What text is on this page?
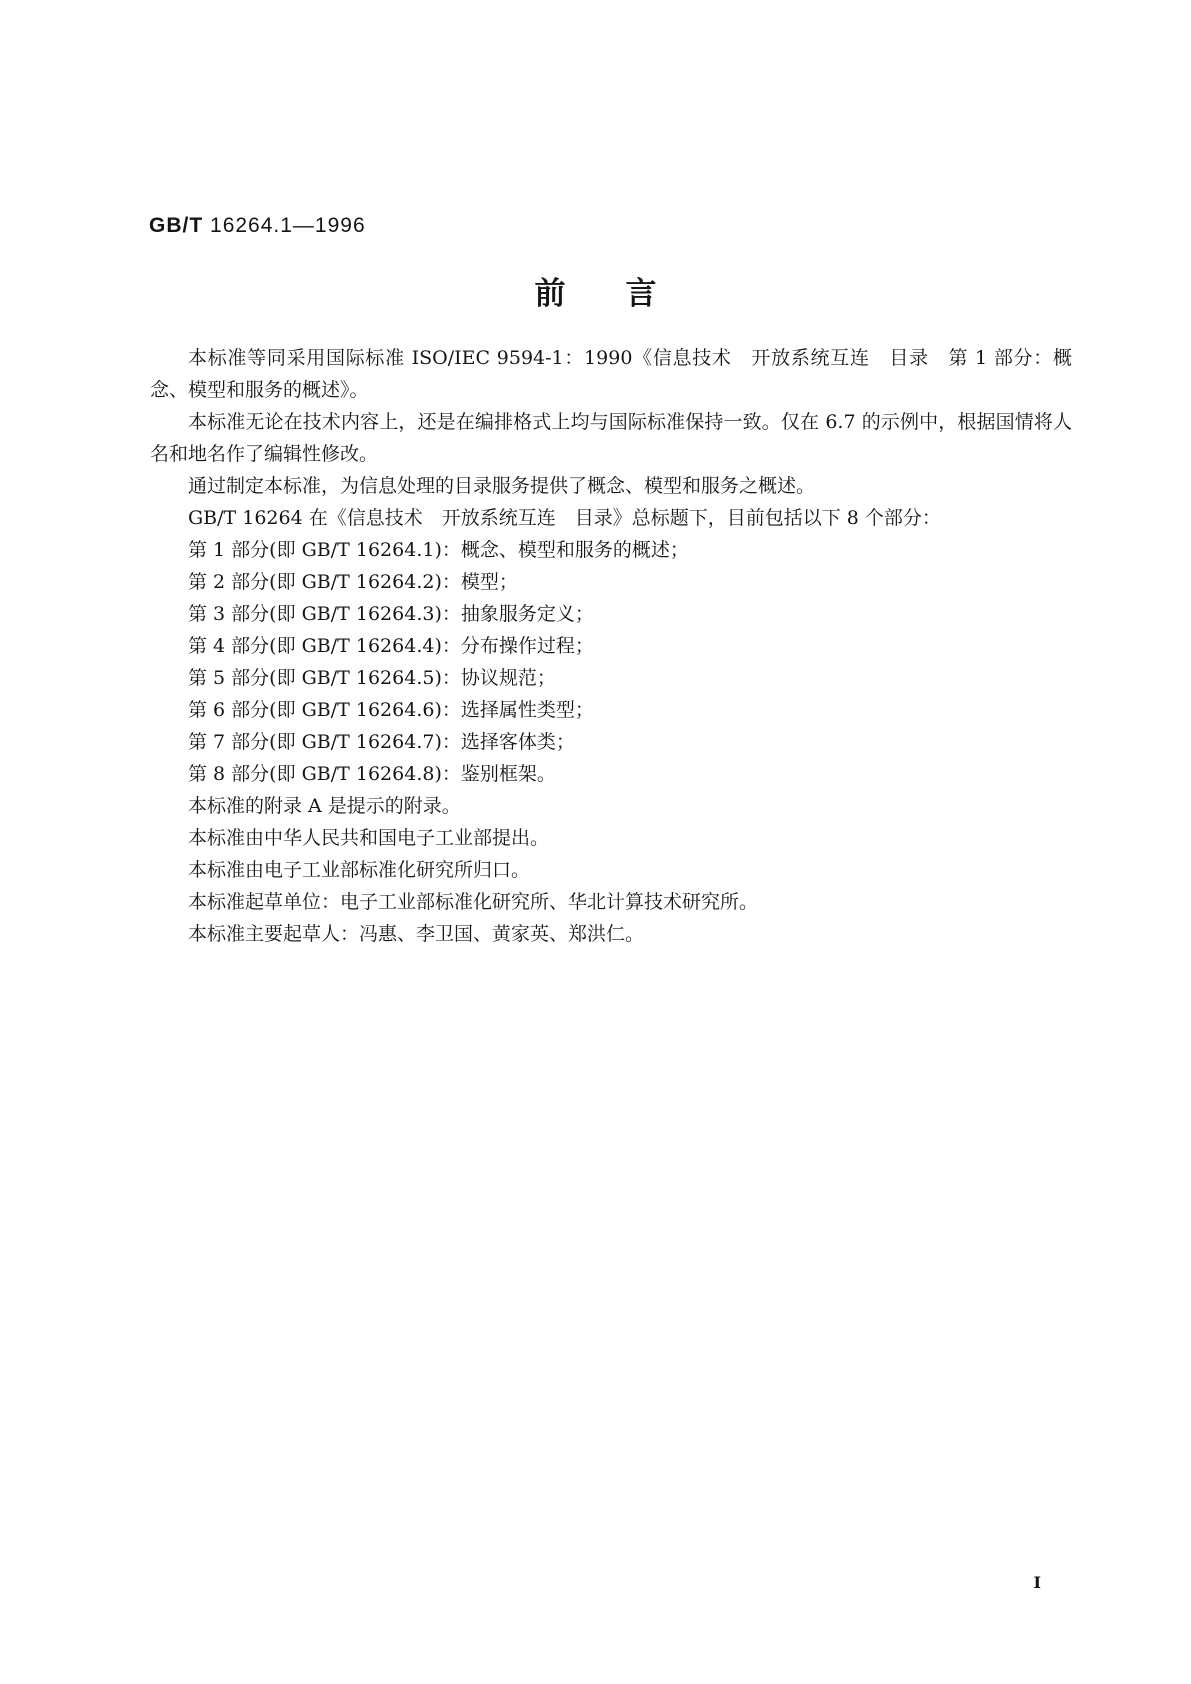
GB/T 16264.1—1996

前言

本标准等同采用国际标准 ISO/IEC 9594-1：1990《信息技术　开放系统互连　目录　第 1 部分：概念、模型和服务的概述》。

本标准无论在技术内容上，还是在编排格式上均与国际标准保持一致。仅在 6.7 的示例中，根据国情将人名和地名作了编辑性修改。

通过制定本标准，为信息处理的目录服务提供了概念、模型和服务之概述。

GB/T 16264 在《信息技术　开放系统互连　目录》总标题下，目前包括以下 8 个部分：

第 1 部分(即 GB/T 16264.1)：概念、模型和服务的概述；

第 2 部分(即 GB/T 16264.2)：模型；

第 3 部分(即 GB/T 16264.3)：抽象服务定义；

第 4 部分(即 GB/T 16264.4)：分布操作过程；

第 5 部分(即 GB/T 16264.5)：协议规范；

第 6 部分(即 GB/T 16264.6)：选择属性类型；

第 7 部分(即 GB/T 16264.7)：选择客体类；

第 8 部分(即 GB/T 16264.8)：鉴别框架。

本标准的附录 A 是提示的附录。

本标准由中华人民共和国电子工业部提出。

本标准由电子工业部标准化研究所归口。

本标准起草单位：电子工业部标准化研究所、华北计算技术研究所。

本标准主要起草人：冯惠、李卫国、黄家英、郑洪仁。

I
